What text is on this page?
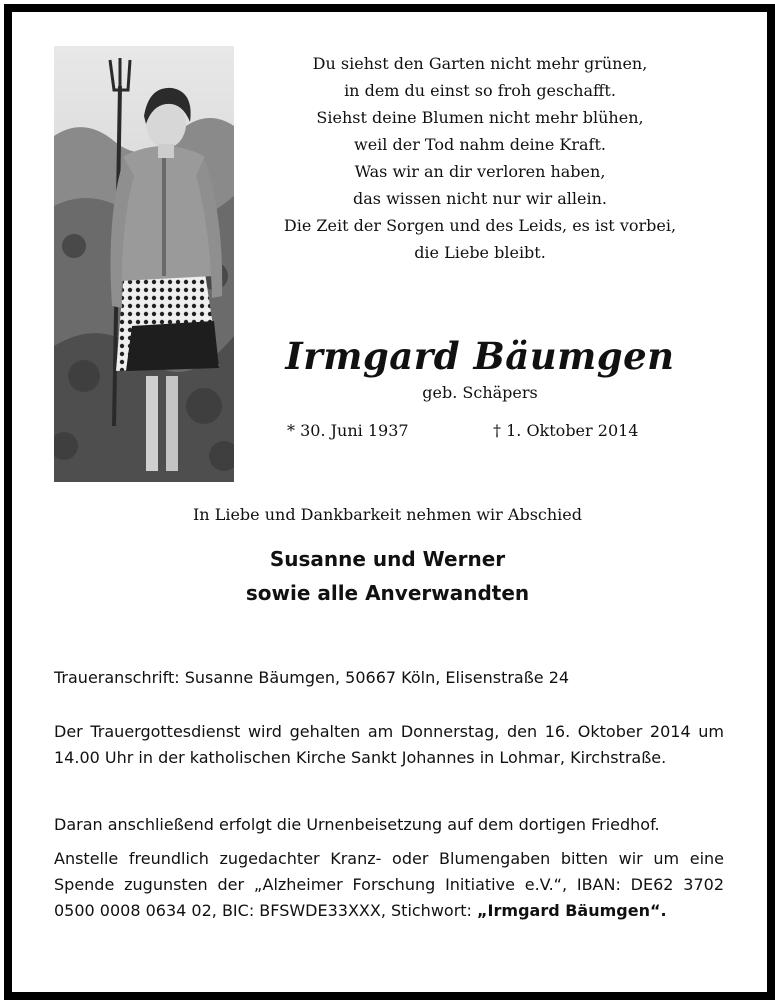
Du siehst den Garten nicht mehr grünen,
in dem du einst so froh geschafft.
Siehst deine Blumen nicht mehr blühen,
weil der Tod nahm deine Kraft.
Was wir an dir verloren haben,
das wissen nicht nur wir allein.
Die Zeit der Sorgen und des Leids, es ist vorbei,
die Liebe bleibt.
Irmgard Bäumgen
geb. Schäpers
* 30. Juni 1937	† 1. Oktober 2014
In Liebe und Dankbarkeit nehmen wir Abschied
Susanne und Werner
sowie alle Anverwandten
Traueranschrift: Susanne Bäumgen, 50667 Köln, Elisenstraße 24
Der Trauergottesdienst wird gehalten am Donnerstag, den 16. Oktober 2014 um 14.00 Uhr in der katholischen Kirche Sankt Johannes in Lohmar, Kirchstraße.
Daran anschließend erfolgt die Urnenbeisetzung auf dem dortigen Friedhof.
Anstelle freundlich zugedachter Kranz- oder Blumengaben bitten wir um eine Spende zugunsten der „Alzheimer Forschung Initiative e.V.“, IBAN: DE62 3702 0500 0008 0634 02, BIC: BFSWDE33XXX, Stichwort: „Irmgard Bäumgen“.
